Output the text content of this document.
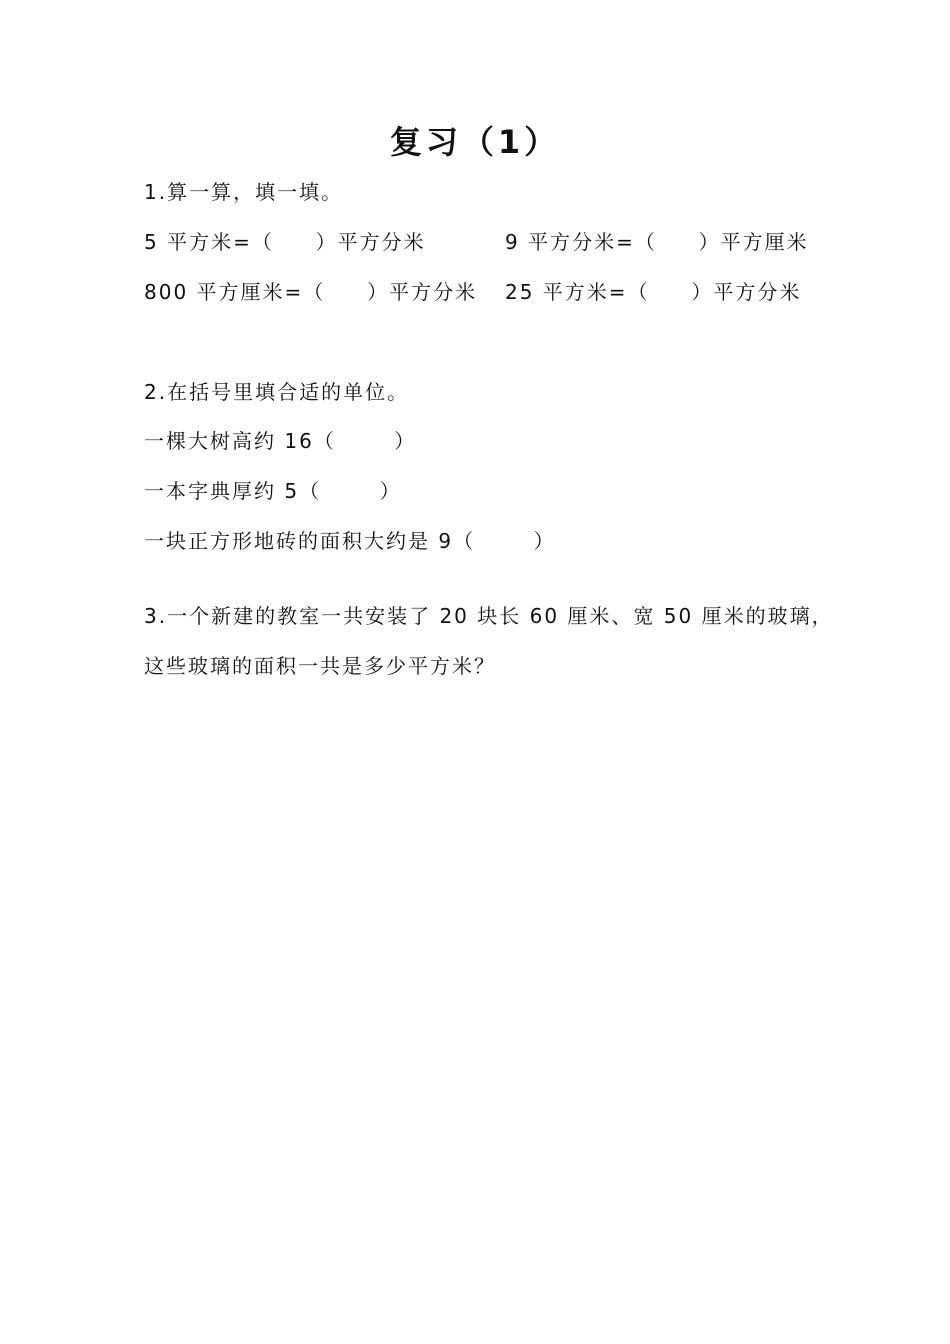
复习（1）
1.算一算，填一填。
5 平方米=（     ）平方分米	9 平方分米=（     ）平方厘米
800 平方厘米=（     ）平方分米 25 平方米=（     ）平方分米
2.在括号里填合适的单位。
一棵大树高约 16（       ）
一本字典厚约 5（       ）
一块正方形地砖的面积大约是 9（       ）
3.一个新建的教室一共安装了 20 块长 60 厘米、宽 50 厘米的玻璃，
这些玻璃的面积一共是多少平方米？
